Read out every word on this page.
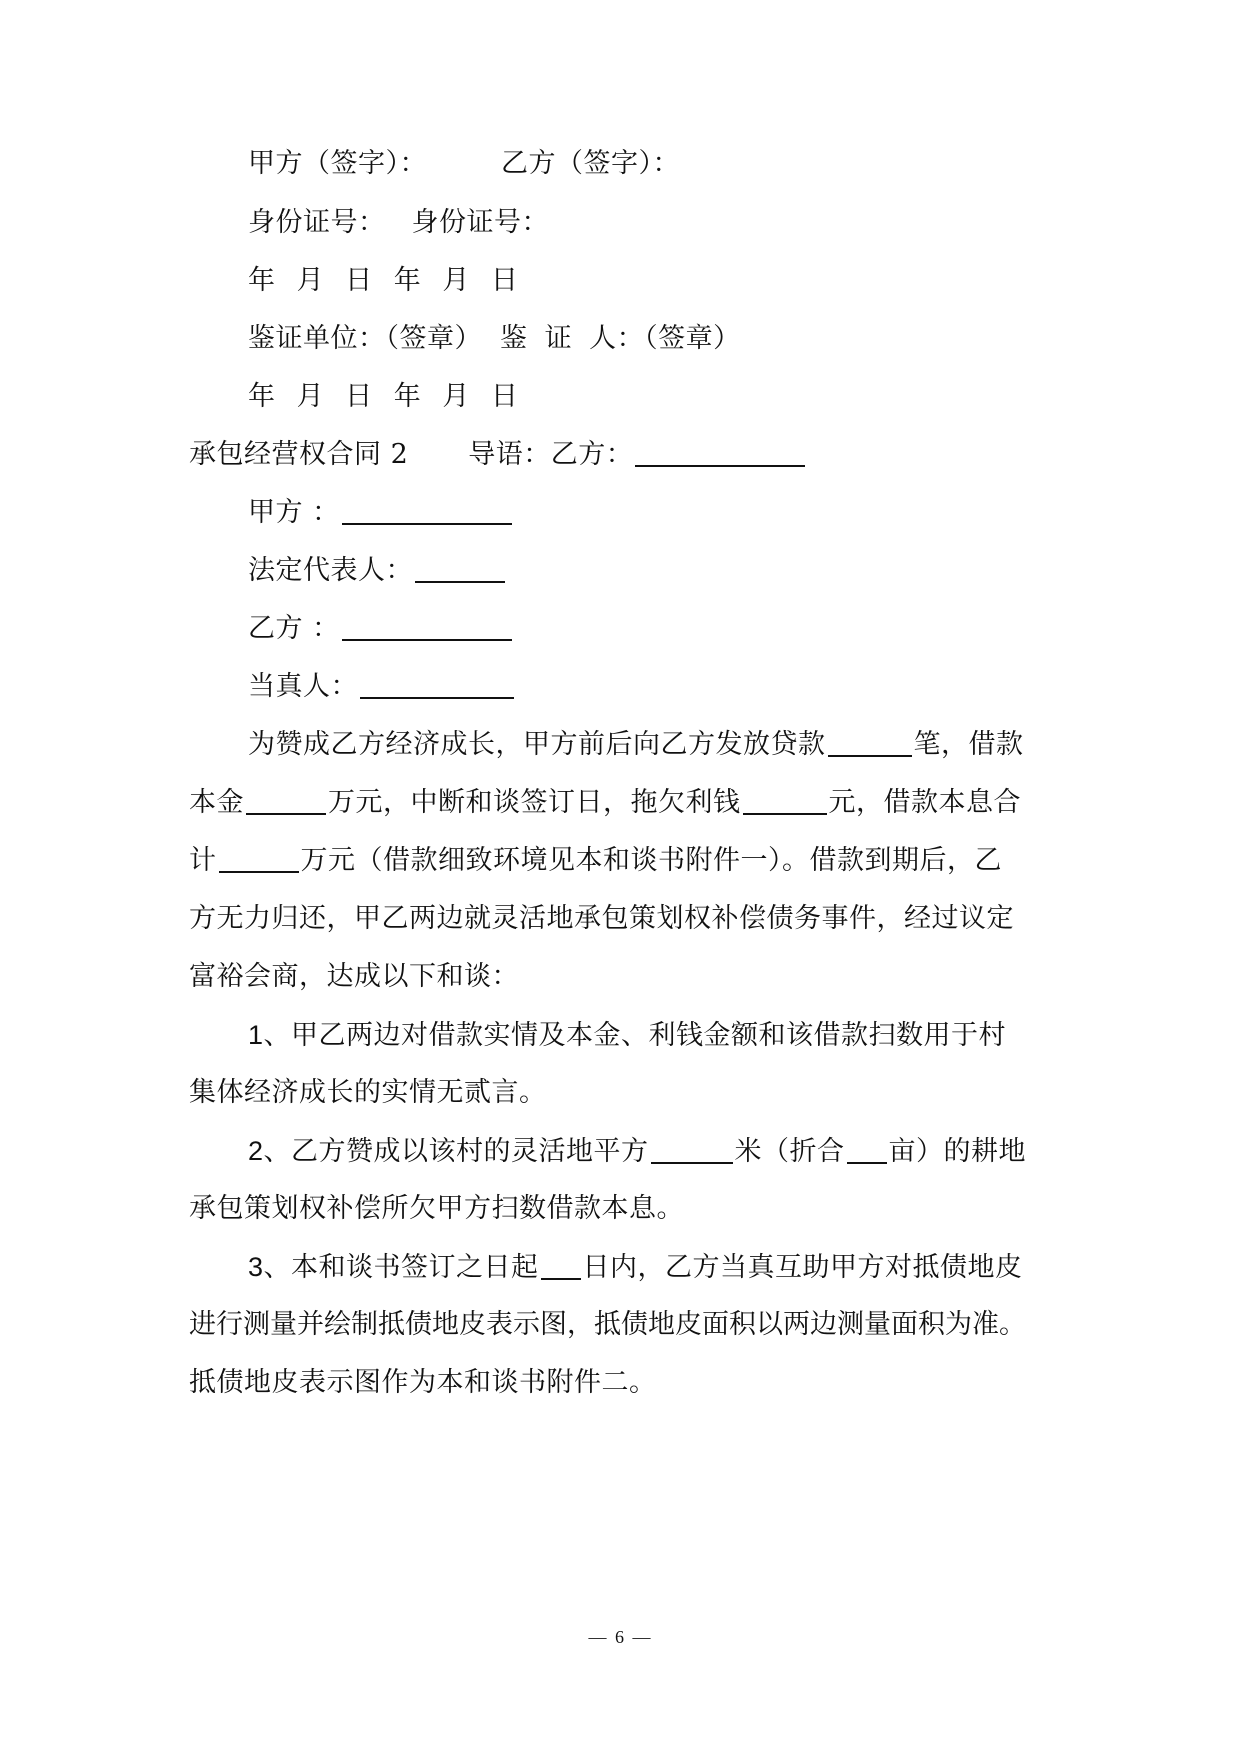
甲方（签字）：	乙方（签字）：
身份证号： 身份证号：
年 月 日 年 月 日
鉴证单位：（签章） 鉴 证 人：（签章）
年 月 日 年 月 日
承包经营权合同 2 导语：乙方：
甲方 ：
法定代表人：
乙方 ：
当真人：
为赞成乙方经济成长，甲方前后向乙方发放贷款	笔，借款
本金	万元，中断和谈签订日，拖欠利钱	元，借款本息合
计	万元（借款细致环境见本和谈书附件一）。借款到期后，乙
方无力归还，甲乙两边就灵活地承包策划权补偿债务事件，经过议定
富裕会商，达成以下和谈：
1、甲乙两边对借款实情及本金、利钱金额和该借款扫数用于村
集体经济成长的实情无贰言。
2、乙方赞成以该村的灵活地平方	米（折合 亩）的耕地
承包策划权补偿所欠甲方扫数借款本息。
3、本和谈书签订之日起 日内，乙方当真互助甲方对抵债地皮
进行测量并绘制抵债地皮表示图，抵债地皮面积以两边测量面积为准。
抵债地皮表示图作为本和谈书附件二。
— 6 —
